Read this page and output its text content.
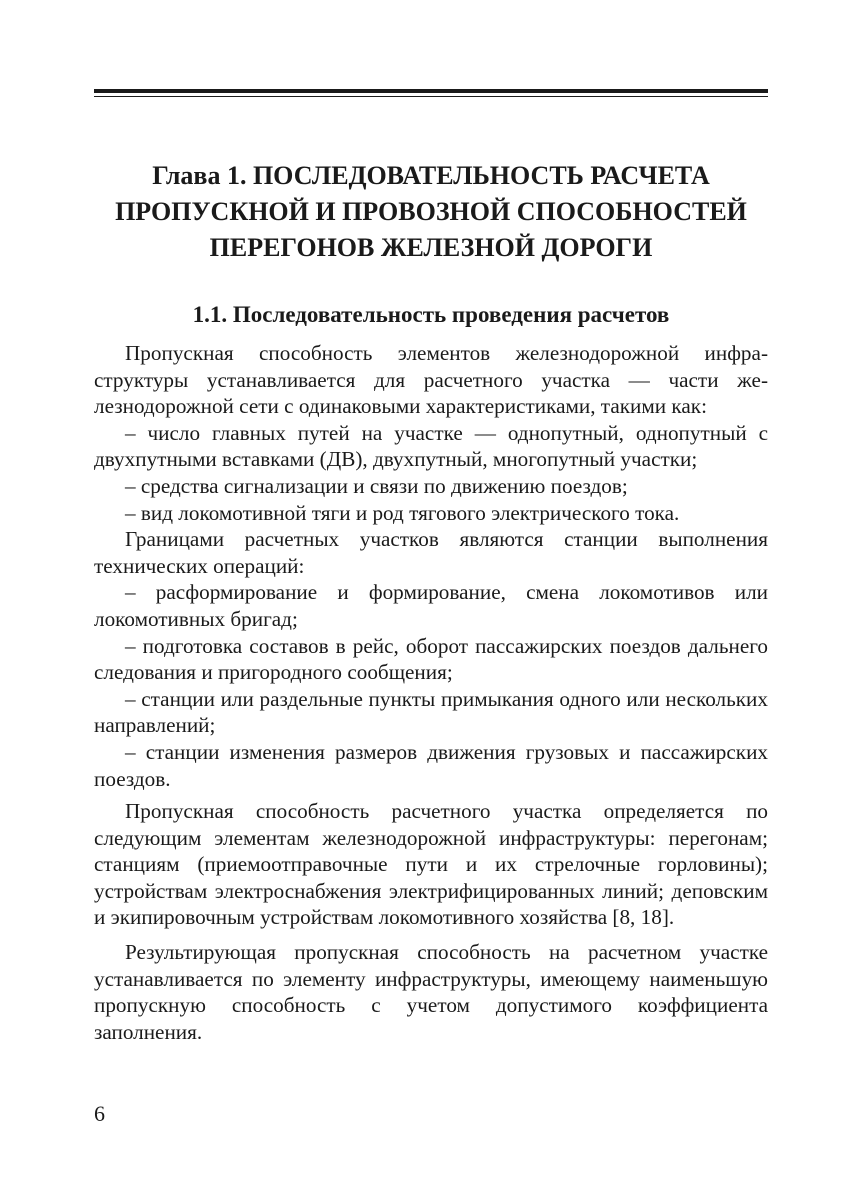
Глава 1. ПОСЛЕДОВАТЕЛЬНОСТЬ РАСЧЕТА
ПРОПУСКНОЙ И ПРОВОЗНОЙ СПОСОБНОСТЕЙ
ПЕРЕГОНОВ ЖЕЛЕЗНОЙ ДОРОГИ
1.1. Последовательность проведения расчетов

Пропускная способность элементов железнодорожной инфраструктуры устанавливается для расчетного участка — части железнодорожной сети с одинаковыми характеристиками, такими как:

– число главных путей на участке — однопутный, однопутный с двухпутными вставками (ДВ), двухпутный, многопутный участки;

– средства сигнализации и связи по движению поездов;

– вид локомотивной тяги и род тягового электрического тока.

Границами расчетных участков являются станции выполнения технических операций:

– расформирование и формирование, смена локомотивов или локомотивных бригад;

– подготовка составов в рейс, оборот пассажирских поездов дальнего следования и пригородного сообщения;

– станции или раздельные пункты примыкания одного или нескольких направлений;

– станции изменения размеров движения грузовых и пассажирских поездов.

Пропускная способность расчетного участка определяется по следующим элементам железнодорожной инфраструктуры: перегонам; станциям (приемоотправочные пути и их стрелочные горловины); устройствам электроснабжения электрифицированных линий; деповским и экипировочным устройствам локомотивного хозяйства [8, 18].

Результирующая пропускная способность на расчетном участке устанавливается по элементу инфраструктуры, имеющему наименьшую пропускную способность с учетом допустимого коэффициента заполнения.

6
